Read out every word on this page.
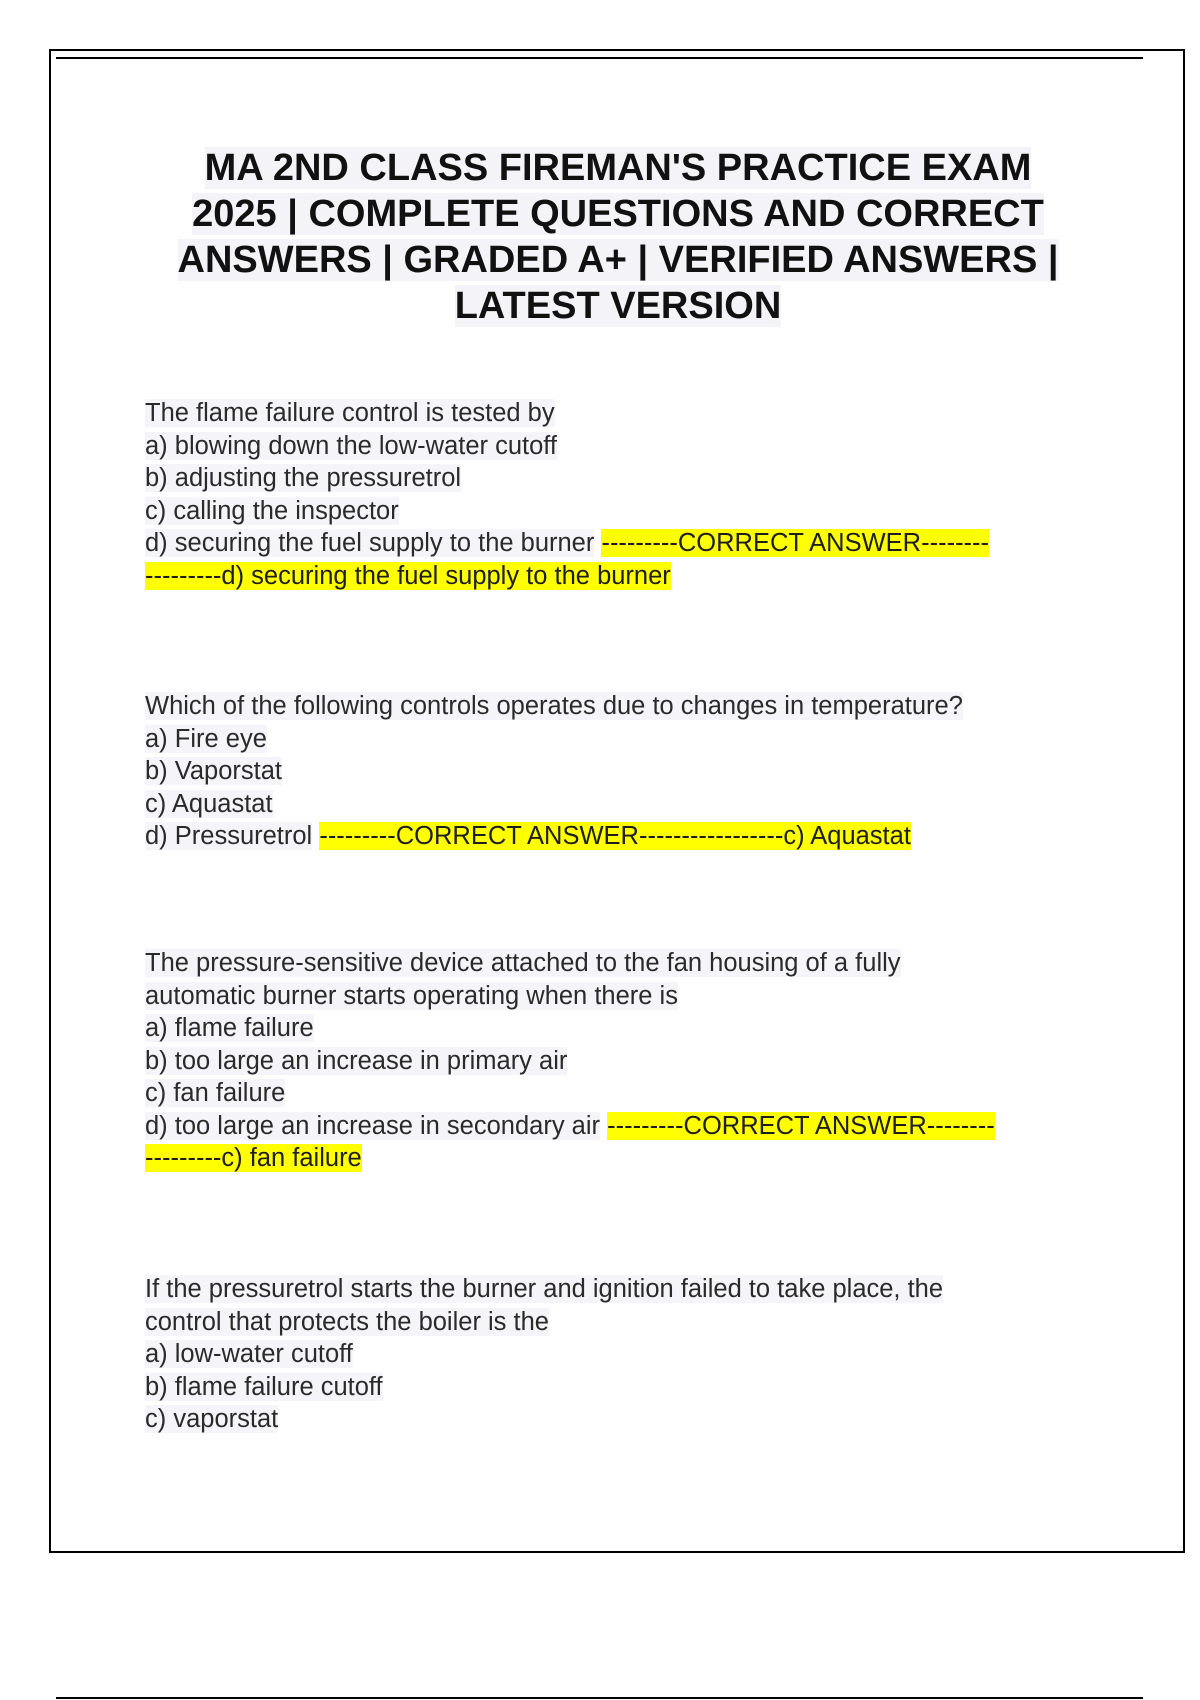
MA 2ND CLASS FIREMAN'S PRACTICE EXAM
2025 | COMPLETE QUESTIONS AND CORRECT
ANSWERS | GRADED A+ | VERIFIED ANSWERS |
LATEST VERSION
The flame failure control is tested by
a) blowing down the low-water cutoff
b) adjusting the pressuretrol
c) calling the inspector
d) securing the fuel supply to the burner ---------CORRECT ANSWER--------
---------d) securing the fuel supply to the burner
Which of the following controls operates due to changes in temperature?
a) Fire eye
b) Vaporstat
c) Aquastat
d) Pressuretrol ---------CORRECT ANSWER-----------------c) Aquastat
The pressure-sensitive device attached to the fan housing of a fully
automatic burner starts operating when there is
a) flame failure
b) too large an increase in primary air
c) fan failure
d) too large an increase in secondary air ---------CORRECT ANSWER--------
---------c) fan failure
If the pressuretrol starts the burner and ignition failed to take place, the
control that protects the boiler is the
a) low-water cutoff
b) flame failure cutoff
c) vaporstat
